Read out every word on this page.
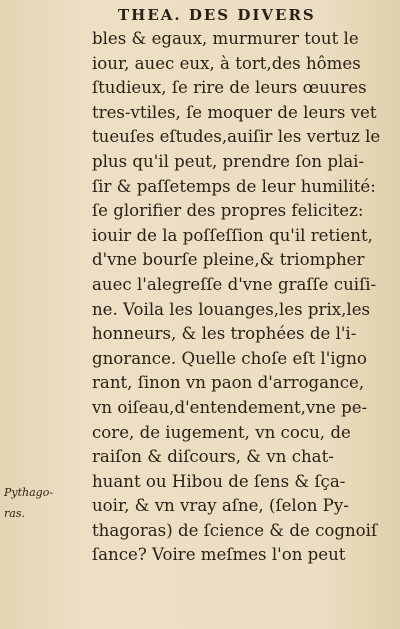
THEA. DES DIVERS
bles & egaux, murmurer tout le
iour, auec eux, à tort,des hômes
ſtudieux, ſe rire de leurs œuures
tres-vtiles, ſe moquer de leurs vet
tueuſes eſtudes,auiſir les vertuz le
plus qu'il peut, prendre ſon plai-
ſir & paſſetemps de leur humilité:
ſe glorifier des propres felicitez:
iouir de la poſſeſſion qu'il retient,
d'vne bourſe pleine,& triompher
auec l'alegreſſe d'vne graſſe cuiſi-
ne. Voila les louanges,les prix,les
honneurs, & les trophées de l'i-
gnorance. Quelle choſe eſt l'igno
rant, ſinon vn paon d'arrogance,
vn oiſeau,d'entendement,vne pe-
core, de iugement, vn cocu, de
raiſon & diſcours, & vn chat-
huant ou Hibou de ſens & ſça-
uoir, & vn vray aſne, (ſelon Py-
thagoras) de ſcience & de cognoiſ
ſance? Voire meſmes l'on peut
Pythago-
ras.
